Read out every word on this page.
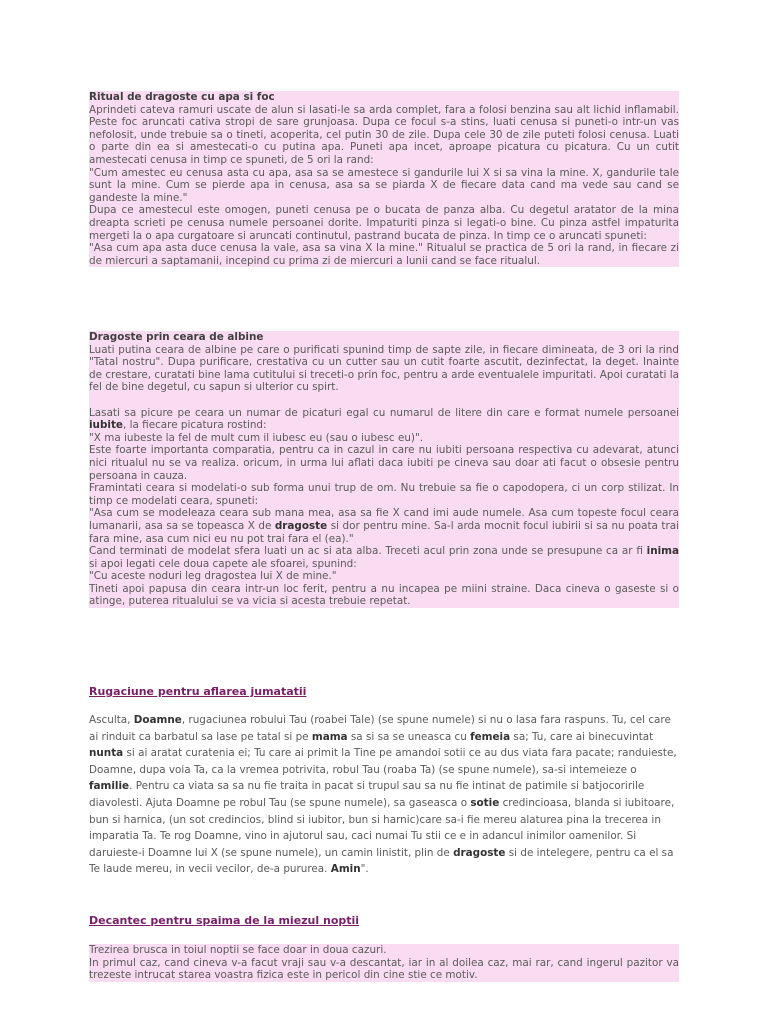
Ritual de dragoste cu apa si foc

Aprindeti cateva ramuri uscate de alun si lasati-le sa arda complet, fara a folosi benzina sau alt lichid inflamabil. Peste foc aruncati cativa stropi de sare grunjoasa. Dupa ce focul s-a stins, luati cenusa si puneti-o intr-un vas nefolosit, unde trebuie sa o tineti, acoperita, cel putin 30 de zile. Dupa cele 30 de zile puteti folosi cenusa. Luati o parte din ea si amestecati-o cu putina apa. Puneti apa incet, aproape picatura cu picatura. Cu un cutit amestecati cenusa in timp ce spuneti, de 5 ori la rand:

"Cum amestec eu cenusa asta cu apa, asa sa se amestece si gandurile lui X si sa vina la mine. X, gandurile tale sunt la mine. Cum se pierde apa in cenusa, asa sa se piarda X de fiecare data cand ma vede sau cand se gandeste la mine."

Dupa ce amestecul este omogen, puneti cenusa pe o bucata de panza alba. Cu degetul aratator de la mina dreapta scrieti pe cenusa numele persoanei dorite. Impaturiti pinza si legati-o bine. Cu pinza astfel impaturita mergeti la o apa curgatoare si aruncati continutul, pastrand bucata de pinza. In timp ce o aruncati spuneti:

"Asa cum apa asta duce cenusa la vale, asa sa vina X la mine." Ritualul se practica de 5 ori la rand, in fiecare zi de miercuri a saptamanii, incepind cu prima zi de miercuri a lunii cand se face ritualul.

Dragoste prin ceara de albine

Luati putina ceara de albine pe care o purificati spunind timp de sapte zile, in fiecare dimineata, de 3 ori la rind "Tatal nostru". Dupa purificare, crestativa cu un cutter sau un cutit foarte ascutit, dezinfectat, la deget. Inainte de crestare, curatati bine lama cutitului si treceti-o prin foc, pentru a arde eventualele impuritati. Apoi curatati la fel de bine degetul, cu sapun si ulterior cu spirt.

Lasati sa picure pe ceara un numar de picaturi egal cu numarul de litere din care e format numele persoanei iubite, la fiecare picatura rostind:

"X ma iubeste la fel de mult cum il iubesc eu (sau o iubesc eu)".

Este foarte importanta comparatia, pentru ca in cazul in care nu iubiti persoana respectiva cu adevarat, atunci nici ritualul nu se va realiza. oricum, in urma lui aflati daca iubiti pe cineva sau doar ati facut o obsesie pentru persoana in cauza.

Framintati ceara si modelati-o sub forma unui trup de om. Nu trebuie sa fie o capodopera, ci un corp stilizat. In timp ce modelati ceara, spuneti:

"Asa cum se modeleaza ceara sub mana mea, asa sa fie X cand imi aude numele. Asa cum topeste focul ceara lumanarii, asa sa se topeasca X de dragoste si dor pentru mine. Sa-l arda mocnit focul iubirii si sa nu poata trai fara mine, asa cum nici eu nu pot trai fara el (ea)."

Cand terminati de modelat sfera luati un ac si ata alba. Treceti acul prin zona unde se presupune ca ar fi inima si apoi legati cele doua capete ale sfoarei, spunind:

"Cu aceste noduri leg dragostea lui X de mine."

Tineti apoi papusa din ceara intr-un loc ferit, pentru a nu incapea pe miini straine. Daca cineva o gaseste si o atinge, puterea ritualului se va vicia si acesta trebuie repetat.

Rugaciune pentru aflarea jumatatii

Asculta, Doamne, rugaciunea robului Tau (roabei Tale) (se spune numele) si nu o lasa fara raspuns. Tu, cel care ai rinduit ca barbatul sa lase pe tatal si pe mama sa si sa se uneasca cu femeia sa; Tu, care ai binecuvintat nunta si ai aratat curatenia ei; Tu care ai primit la Tine pe amandoi sotii ce au dus viata fara pacate; randuieste, Doamne, dupa voia Ta, ca la vremea potrivita, robul Tau (roaba Ta) (se spune numele), sa-si intemeieze o familie. Pentru ca viata sa sa nu fie traita in pacat si trupul sau sa nu fie intinat de patimile si batjocoririle diavolesti. Ajuta Doamne pe robul Tau (se spune numele), sa gaseasca o sotie credincioasa, blanda si iubitoare, bun si harnica, (un sot credincios, blind si iubitor, bun si harnic)care sa-i fie mereu alaturea pina la trecerea in imparatia Ta. Te rog Doamne, vino in ajutorul sau, caci numai Tu stii ce e in adancul inimilor oamenilor. Si daruieste-i Doamne lui X (se spune numele), un camin linistit, plin de dragoste si de intelegere, pentru ca el sa Te laude mereu, in vecii vecilor, de-a pururea. Amin".

Decantec pentru spaima de la miezul noptii

Trezirea brusca in toiul noptii se face doar in doua cazuri.

In primul caz, cand cineva v-a facut vraji sau v-a descantat, iar in al doilea caz, mai rar, cand ingerul pazitor va trezeste intrucat starea voastra fizica este in pericol din cine stie ce motiv.
